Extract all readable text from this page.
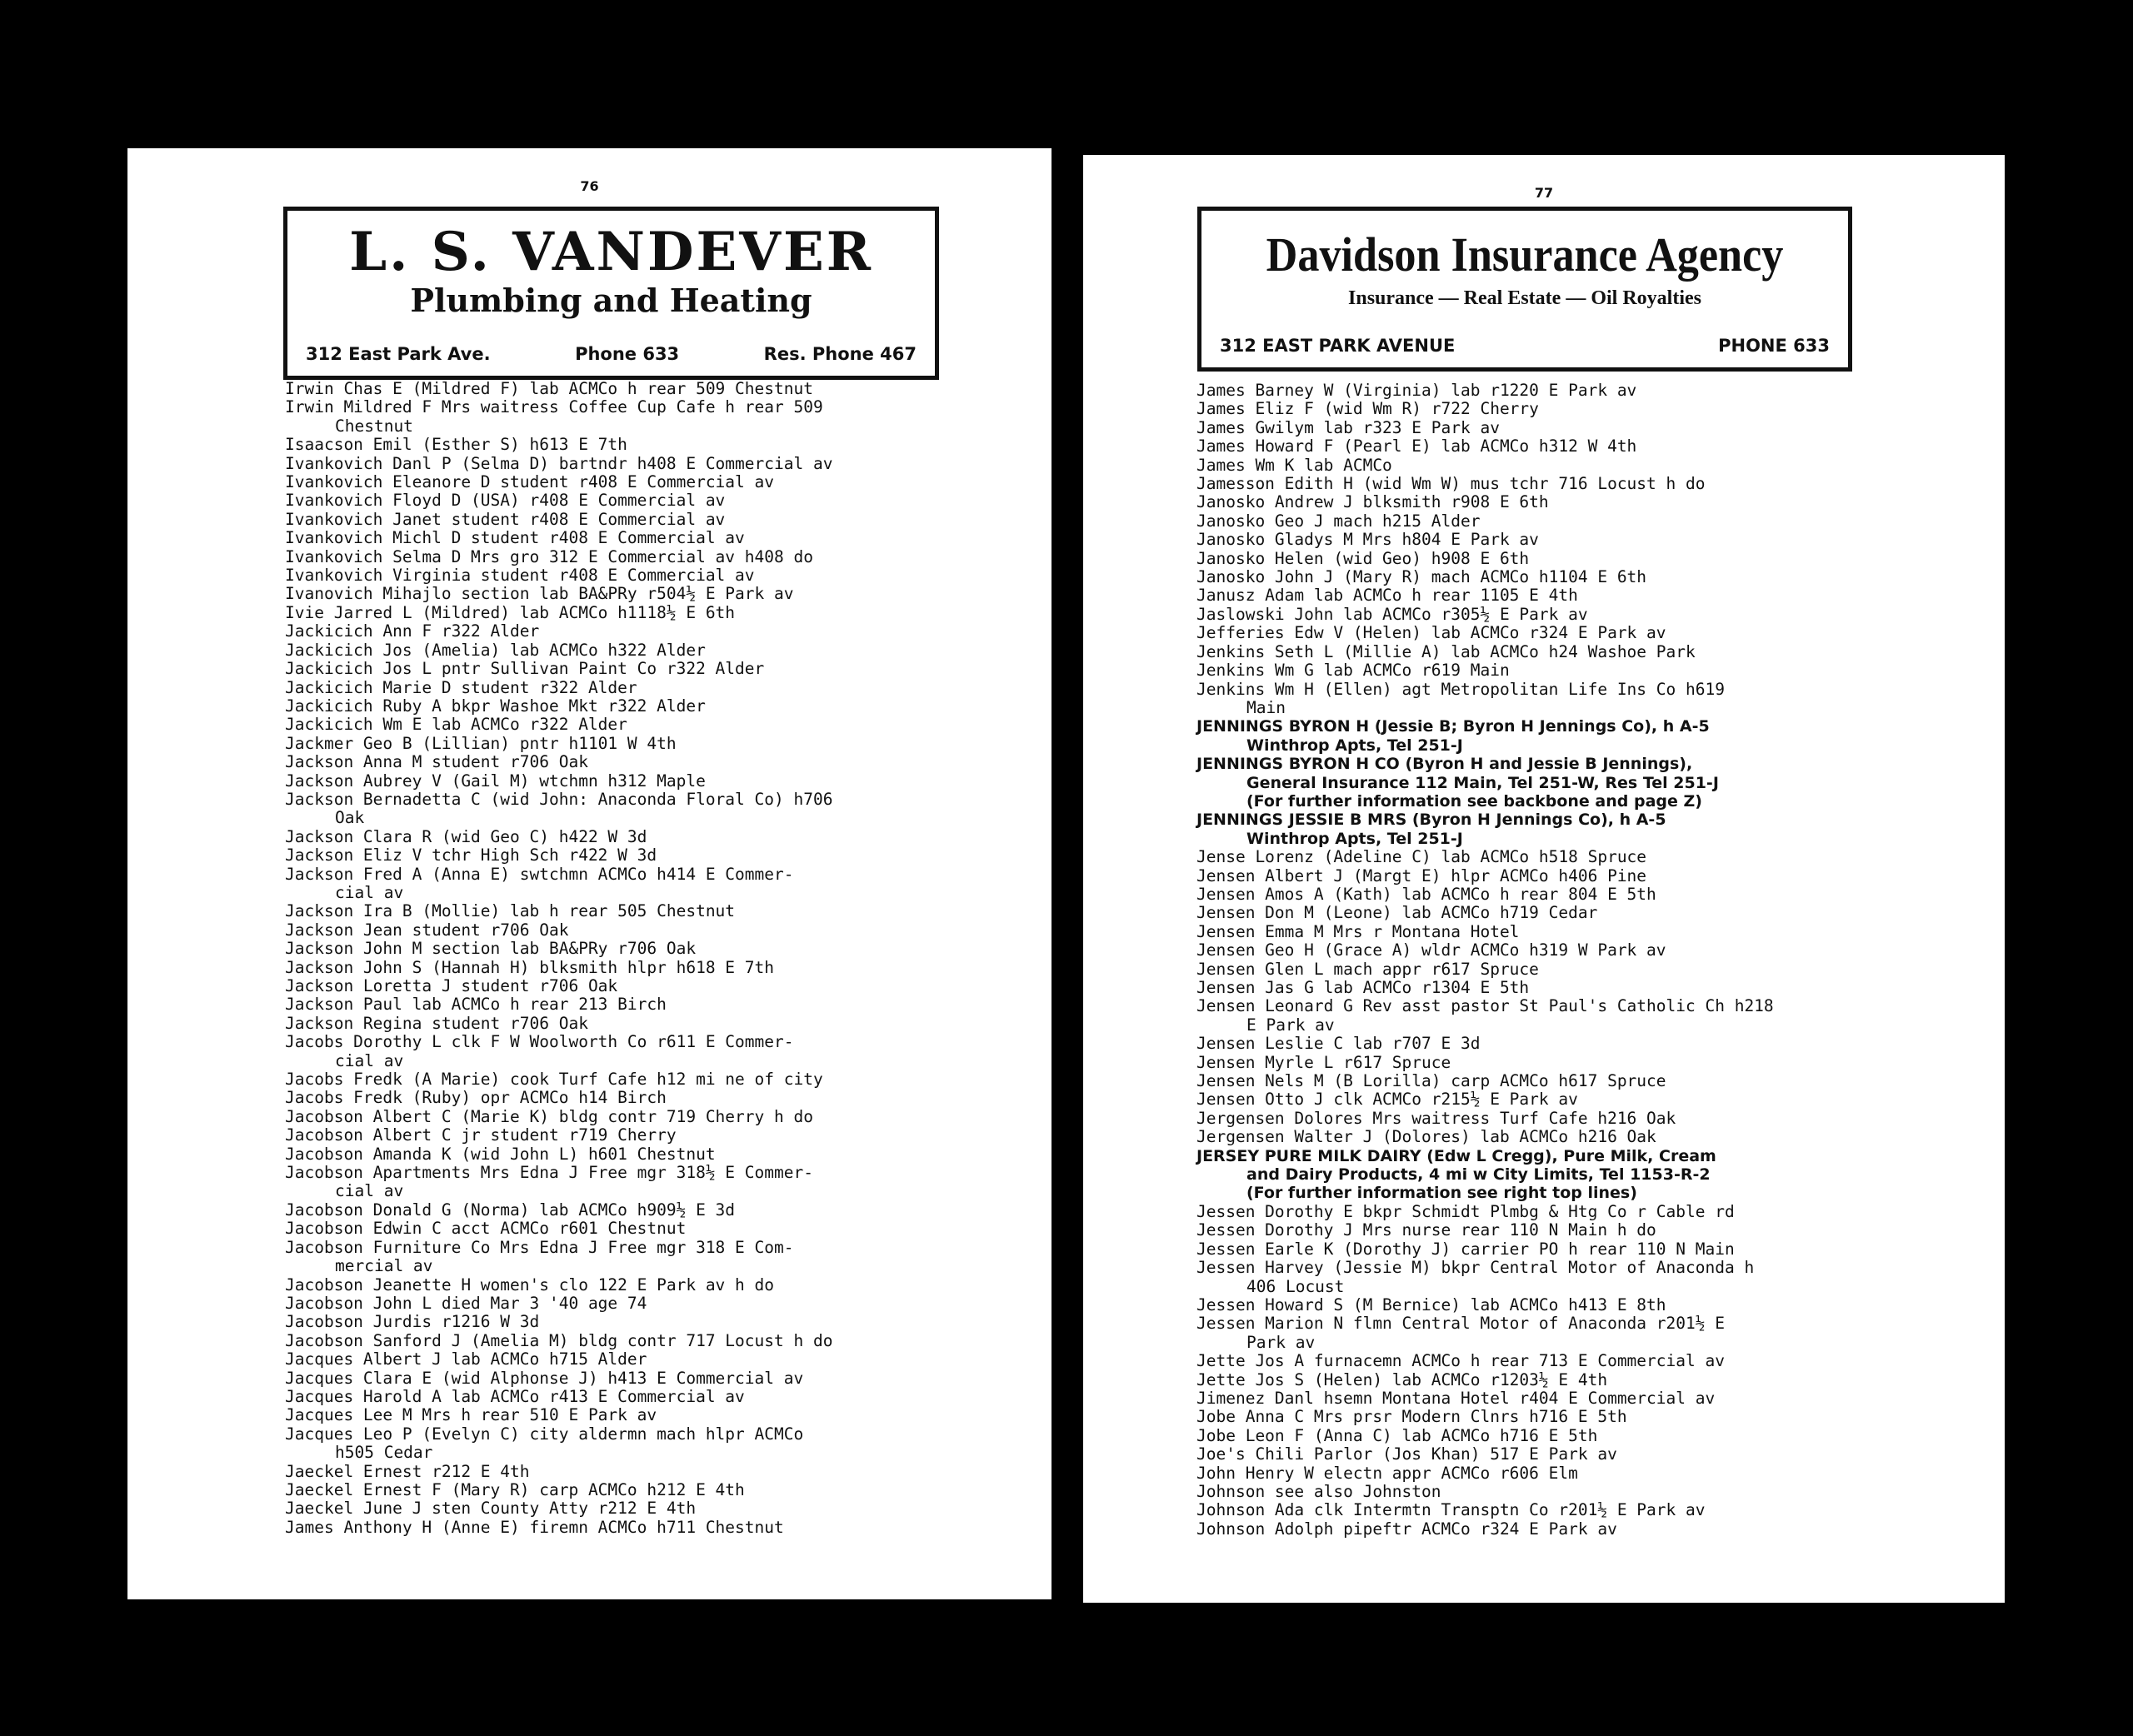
76
L. S. VANDEVER
Plumbing and Heating
312 East Park Ave.	Phone 633	Res. Phone 467
Irwin Chas E (Mildred F) lab ACMCo h rear 509 Chestnut
Irwin Mildred F Mrs waitress Coffee Cup Cafe h rear 509
Chestnut
Isaacson Emil (Esther S) h613 E 7th
Ivankovich Danl P (Selma D) bartndr h408 E Commercial av
Ivankovich Eleanore D student r408 E Commercial av
Ivankovich Floyd D (USA) r408 E Commercial av
Ivankovich Janet student r408 E Commercial av
Ivankovich Michl D student r408 E Commercial av
Ivankovich Selma D Mrs gro 312 E Commercial av h408 do
Ivankovich Virginia student r408 E Commercial av
Ivanovich Mihajlo section lab BA&PRy r504½ E Park av
Ivie Jarred L (Mildred) lab ACMCo h1118½ E 6th
Jackicich Ann F r322 Alder
Jackicich Jos (Amelia) lab ACMCo h322 Alder
Jackicich Jos L pntr Sullivan Paint Co r322 Alder
Jackicich Marie D student r322 Alder
Jackicich Ruby A bkpr Washoe Mkt r322 Alder
Jackicich Wm E lab ACMCo r322 Alder
Jackmer Geo B (Lillian) pntr h1101 W 4th
Jackson Anna M student r706 Oak
Jackson Aubrey V (Gail M) wtchmn h312 Maple
Jackson Bernadetta C (wid John: Anaconda Floral Co) h706
Oak
Jackson Clara R (wid Geo C) h422 W 3d
Jackson Eliz V tchr High Sch r422 W 3d
Jackson Fred A (Anna E) swtchmn ACMCo h414 E Commer-
cial av
Jackson Ira B (Mollie) lab h rear 505 Chestnut
Jackson Jean student r706 Oak
Jackson John M section lab BA&PRy r706 Oak
Jackson John S (Hannah H) blksmith hlpr h618 E 7th
Jackson Loretta J student r706 Oak
Jackson Paul lab ACMCo h rear 213 Birch
Jackson Regina student r706 Oak
Jacobs Dorothy L clk F W Woolworth Co r611 E Commer-
cial av
Jacobs Fredk (A Marie) cook Turf Cafe h12 mi ne of city
Jacobs Fredk (Ruby) opr ACMCo h14 Birch
Jacobson Albert C (Marie K) bldg contr 719 Cherry h do
Jacobson Albert C jr student r719 Cherry
Jacobson Amanda K (wid John L) h601 Chestnut
Jacobson Apartments Mrs Edna J Free mgr 318½ E Commer-
cial av
Jacobson Donald G (Norma) lab ACMCo h909½ E 3d
Jacobson Edwin C acct ACMCo r601 Chestnut
Jacobson Furniture Co Mrs Edna J Free mgr 318 E Com-
mercial av
Jacobson Jeanette H women's clo 122 E Park av h do
Jacobson John L died Mar 3 '40 age 74
Jacobson Jurdis r1216 W 3d
Jacobson Sanford J (Amelia M) bldg contr 717 Locust h do
Jacques Albert J lab ACMCo h715 Alder
Jacques Clara E (wid Alphonse J) h413 E Commercial av
Jacques Harold A lab ACMCo r413 E Commercial av
Jacques Lee M Mrs h rear 510 E Park av
Jacques Leo P (Evelyn C) city aldermn mach hlpr ACMCo
h505 Cedar
Jaeckel Ernest r212 E 4th
Jaeckel Ernest F (Mary R) carp ACMCo h212 E 4th
Jaeckel June J sten County Atty r212 E 4th
James Anthony H (Anne E) firemn ACMCo h711 Chestnut
77
Davidson Insurance Agency
Insurance — Real Estate — Oil Royalties
312 EAST PARK AVENUE	PHONE 633
James Barney W (Virginia) lab r1220 E Park av
James Eliz F (wid Wm R) r722 Cherry
James Gwilym lab r323 E Park av
James Howard F (Pearl E) lab ACMCo h312 W 4th
James Wm K lab ACMCo
Jamesson Edith H (wid Wm W) mus tchr 716 Locust h do
Janosko Andrew J blksmith r908 E 6th
Janosko Geo J mach h215 Alder
Janosko Gladys M Mrs h804 E Park av
Janosko Helen (wid Geo) h908 E 6th
Janosko John J (Mary R) mach ACMCo h1104 E 6th
Janusz Adam lab ACMCo h rear 1105 E 4th
Jaslowski John lab ACMCo r305½ E Park av
Jefferies Edw V (Helen) lab ACMCo r324 E Park av
Jenkins Seth L (Millie A) lab ACMCo h24 Washoe Park
Jenkins Wm G lab ACMCo r619 Main
Jenkins Wm H (Ellen) agt Metropolitan Life Ins Co h619
Main
JENNINGS BYRON H (Jessie B; Byron H Jennings Co), h A-5
Winthrop Apts, Tel 251-J
JENNINGS BYRON H CO (Byron H and Jessie B Jennings),
General Insurance 112 Main, Tel 251-W, Res Tel 251-J
(For further information see backbone and page Z)
JENNINGS JESSIE B MRS (Byron H Jennings Co), h A-5
Winthrop Apts, Tel 251-J
Jense Lorenz (Adeline C) lab ACMCo h518 Spruce
Jensen Albert J (Margt E) hlpr ACMCo h406 Pine
Jensen Amos A (Kath) lab ACMCo h rear 804 E 5th
Jensen Don M (Leone) lab ACMCo h719 Cedar
Jensen Emma M Mrs r Montana Hotel
Jensen Geo H (Grace A) wldr ACMCo h319 W Park av
Jensen Glen L mach appr r617 Spruce
Jensen Jas G lab ACMCo r1304 E 5th
Jensen Leonard G Rev asst pastor St Paul's Catholic Ch h218
E Park av
Jensen Leslie C lab r707 E 3d
Jensen Myrle L r617 Spruce
Jensen Nels M (B Lorilla) carp ACMCo h617 Spruce
Jensen Otto J clk ACMCo r215½ E Park av
Jergensen Dolores Mrs waitress Turf Cafe h216 Oak
Jergensen Walter J (Dolores) lab ACMCo h216 Oak
JERSEY PURE MILK DAIRY (Edw L Cregg), Pure Milk, Cream
and Dairy Products, 4 mi w City Limits, Tel 1153-R-2
(For further information see right top lines)
Jessen Dorothy E bkpr Schmidt Plmbg & Htg Co r Cable rd
Jessen Dorothy J Mrs nurse rear 110 N Main h do
Jessen Earle K (Dorothy J) carrier PO h rear 110 N Main
Jessen Harvey (Jessie M) bkpr Central Motor of Anaconda h
406 Locust
Jessen Howard S (M Bernice) lab ACMCo h413 E 8th
Jessen Marion N flmn Central Motor of Anaconda r201½ E
Park av
Jette Jos A furnacemn ACMCo h rear 713 E Commercial av
Jette Jos S (Helen) lab ACMCo r1203½ E 4th
Jimenez Danl hsemn Montana Hotel r404 E Commercial av
Jobe Anna C Mrs prsr Modern Clnrs h716 E 5th
Jobe Leon F (Anna C) lab ACMCo h716 E 5th
Joe's Chili Parlor (Jos Khan) 517 E Park av
John Henry W electn appr ACMCo r606 Elm
Johnson see also Johnston
Johnson Ada clk Intermtn Transptn Co r201½ E Park av
Johnson Adolph pipeftr ACMCo r324 E Park av
